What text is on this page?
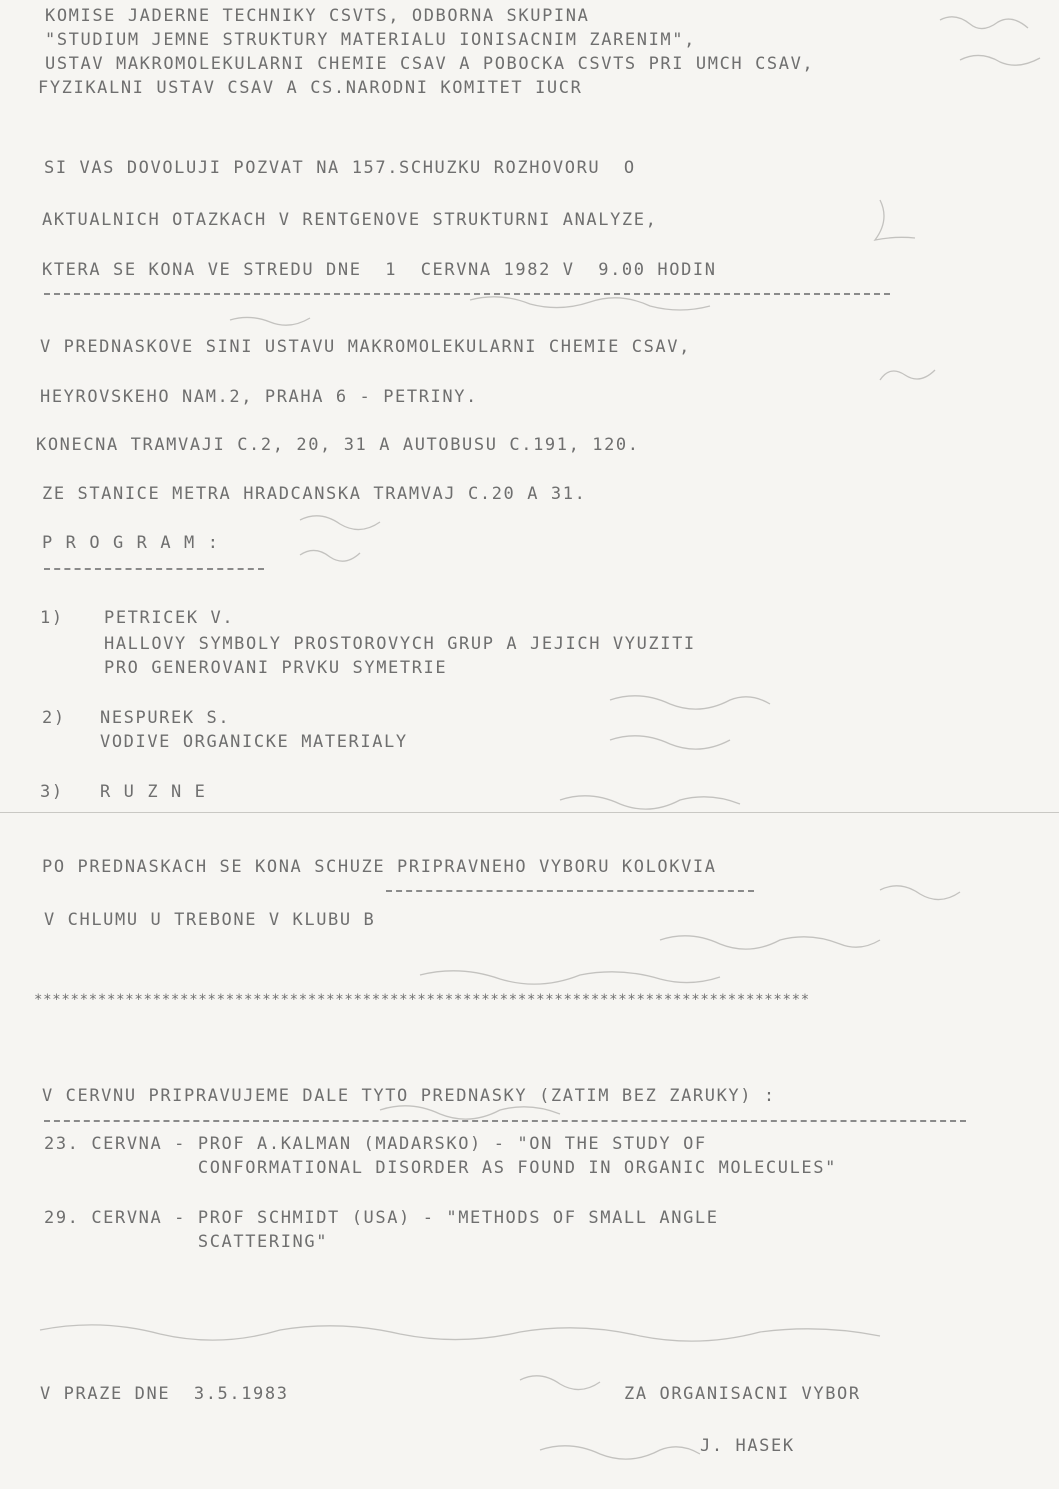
KOMISE JADERNE TECHNIKY CSVTS, ODBORNA SKUPINA
"STUDIUM JEMNE STRUKTURY MATERIALU IONISACNIM ZARENIM",
USTAV MAKROMOLEKULARNI CHEMIE CSAV A POBOCKA CSVTS PRI UMCH CSAV,
FYZIKALNI USTAV CSAV A CS.NARODNI KOMITET IUCR
SI VAS DOVOLUJI POZVAT NA 157.SCHUZKU ROZHOVORU  O
AKTUALNICH OTAZKACH V RENTGENOVE STRUKTURNI ANALYZE,
KTERA SE KONA VE STREDU DNE  1  CERVNA 1982 V  9.00 HODIN
V PREDNASKOVE SINI USTAVU MAKROMOLEKULARNI CHEMIE CSAV,
HEYROVSKEHO NAM.2, PRAHA 6 - PETRINY.
KONECNA TRAMVAJI C.2, 20, 31 A AUTOBUSU C.191, 120.
ZE STANICE METRA HRADCANSKA TRAMVAJ C.20 A 31.
P R O G R A M :
1) PETRICEK V.
HALLOVY SYMBOLY PROSTOROVYCH GRUP A JEJICH VYUZITI
PRO GENEROVANI PRVKU SYMETRIE
2) NESPUREK S.
VODIVE ORGANICKE MATERIALY
3) R U Z N E
PO PREDNASKACH SE KONA SCHUZE PRIPRAVNEHO VYBORU KOLOKVIA
V CHLUMU U TREBONE V KLUBU B
*************************************************************************************
V CERVNU PRIPRAVUJEME DALE TYTO PREDNASKY (ZATIM BEZ ZARUKY) :
23. CERVNA - PROF A.KALMAN (MADARSKO) - "ON THE STUDY OF
CONFORMATIONAL DISORDER AS FOUND IN ORGANIC MOLECULES"
29. CERVNA - PROF SCHMIDT (USA) - "METHODS OF SMALL ANGLE
SCATTERING"
V PRAZE DNE  3.5.1983	ZA ORGANISACNI VYBOR
J. HASEK
